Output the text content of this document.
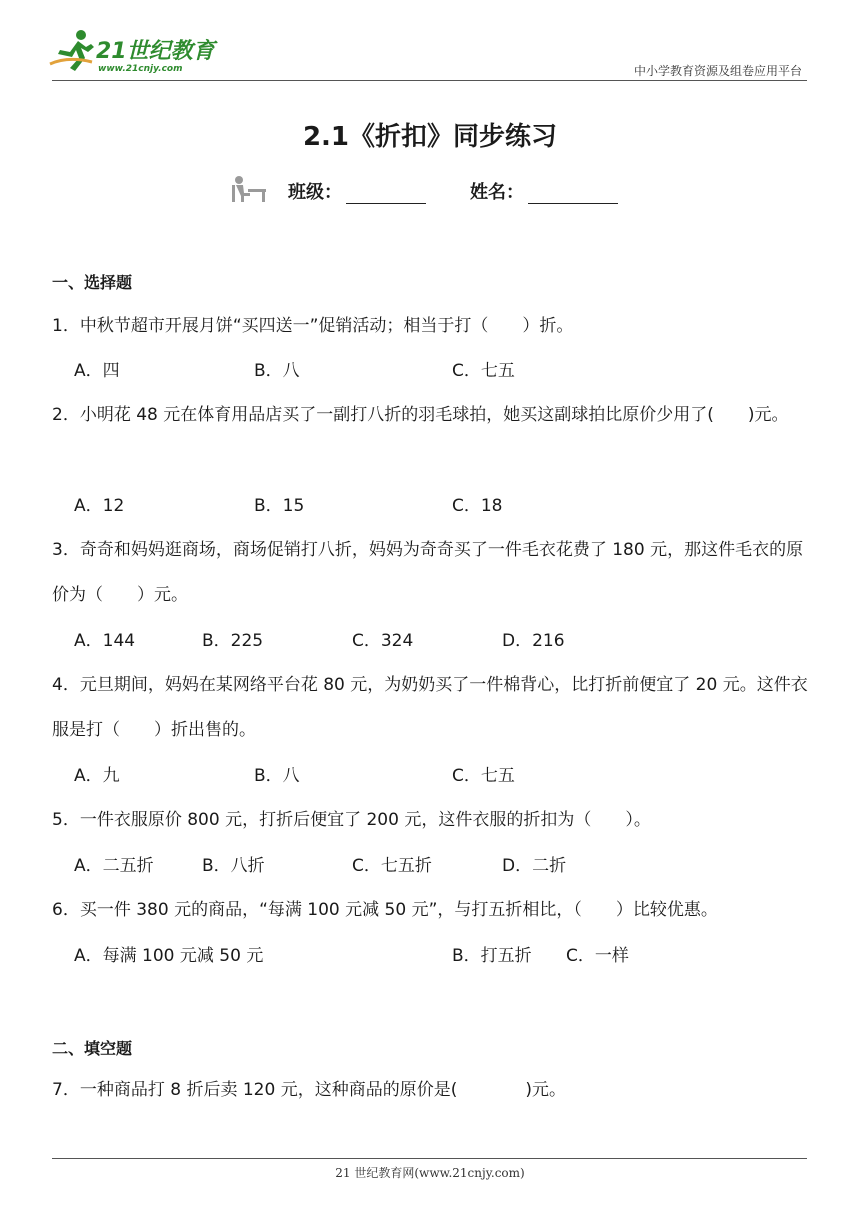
21世纪教育
www.21cnjy.com	中小学教育资源及组卷应用平台
2.1《折扣》同步练习
班级：	姓名：
一、选择题
1．中秋节超市开展月饼“买四送一”促销活动；相当于打（　　）折。
A．四	B．八	C．七五
2．小明花 48 元在体育用品店买了一副打八折的羽毛球拍，她买这副球拍比原价少用了(　　)元。
A．12	B．15	C．18
3．奇奇和妈妈逛商场，商场促销打八折，妈妈为奇奇买了一件毛衣花费了 180 元，那这件毛衣的原价为（　　）元。
A．144	B．225	C．324	D．216
4．元旦期间，妈妈在某网络平台花 80 元，为奶奶买了一件棉背心，比打折前便宜了 20 元。这件衣服是打（　　）折出售的。
A．九	B．八	C．七五
5．一件衣服原价 800 元，打折后便宜了 200 元，这件衣服的折扣为（　　）。
A．二五折	B．八折	C．七五折	D．二折
6．买一件 380 元的商品，“每满 100 元减 50 元”，与打五折相比，（　　）比较优惠。
A．每满 100 元减 50 元	B．打五折 C．一样
二、填空题
7．一种商品打 8 折后卖 120 元，这种商品的原价是(　　　　)元。
21 世纪教育网(www.21cnjy.com)
